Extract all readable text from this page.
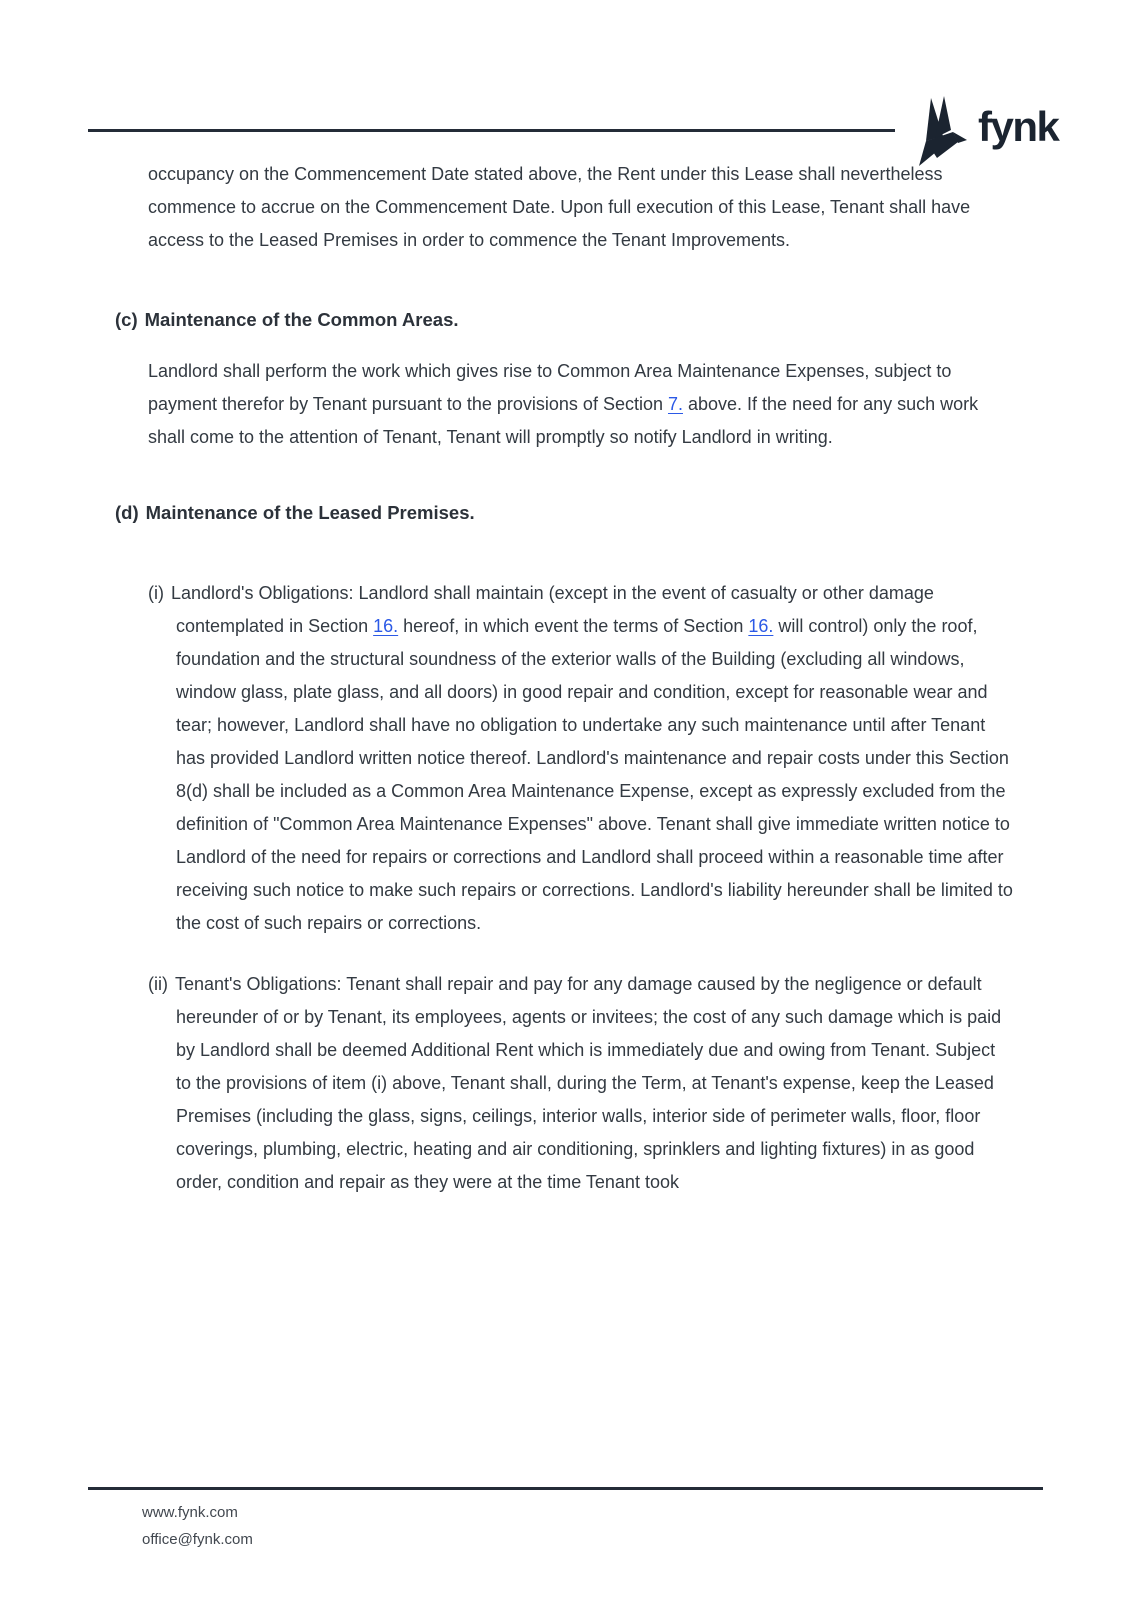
fynk

occupancy on the Commencement Date stated above, the Rent under this Lease shall nevertheless commence to accrue on the Commencement Date. Upon full execution of this Lease, Tenant shall have access to the Leased Premises in order to commence the Tenant Improvements.

(c) Maintenance of the Common Areas.

Landlord shall perform the work which gives rise to Common Area Maintenance Expenses, subject to payment therefor by Tenant pursuant to the provisions of Section 7. above. If the need for any such work shall come to the attention of Tenant, Tenant will promptly so notify Landlord in writing.

(d) Maintenance of the Leased Premises.
(i) Landlord's Obligations: Landlord shall maintain (except in the event of casualty or other damage contemplated in Section 16. hereof, in which event the terms of Section 16. will control) only the roof, foundation and the structural soundness of the exterior walls of the Building (excluding all windows, window glass, plate glass, and all doors) in good repair and condition, except for reasonable wear and tear; however, Landlord shall have no obligation to undertake any such maintenance until after Tenant has provided Landlord written notice thereof. Landlord's maintenance and repair costs under this Section 8(d) shall be included as a Common Area Maintenance Expense, except as expressly excluded from the definition of "Common Area Maintenance Expenses" above. Tenant shall give immediate written notice to Landlord of the need for repairs or corrections and Landlord shall proceed within a reasonable time after receiving such notice to make such repairs or corrections. Landlord's liability hereunder shall be limited to the cost of such repairs or corrections.
(ii) Tenant's Obligations: Tenant shall repair and pay for any damage caused by the negligence or default hereunder of or by Tenant, its employees, agents or invitees; the cost of any such damage which is paid by Landlord shall be deemed Additional Rent which is immediately due and owing from Tenant. Subject to the provisions of item (i) above, Tenant shall, during the Term, at Tenant's expense, keep the Leased Premises (including the glass, signs, ceilings, interior walls, interior side of perimeter walls, floor, floor coverings, plumbing, electric, heating and air conditioning, sprinklers and lighting fixtures) in as good order, condition and repair as they were at the time Tenant took
www.fynk.com
office@fynk.com
